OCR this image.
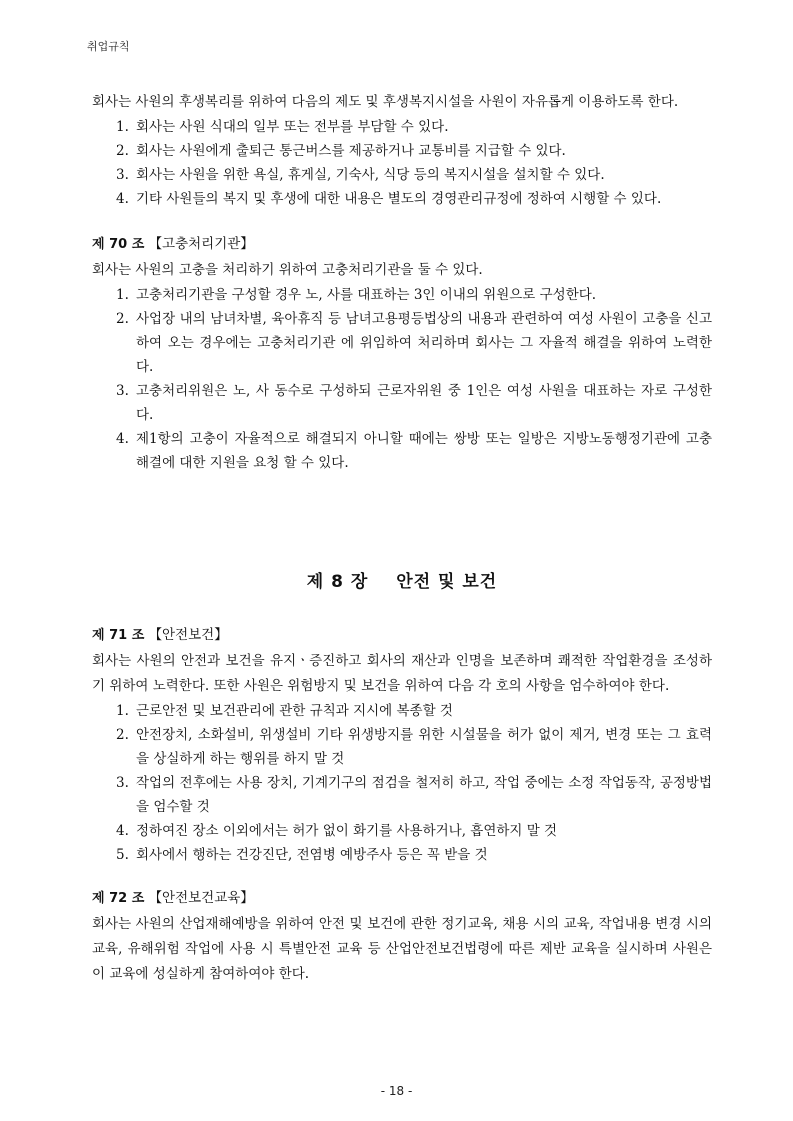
취업규칙

회사는 사원의 후생복리를 위하여 다음의 제도 및 후생복지시설을 사원이 자유롭게 이용하도록 한다.

1. 회사는 사원 식대의 일부 또는 전부를 부담할 수 있다.
2. 회사는 사원에게 출퇴근 통근버스를 제공하거나 교통비를 지급할 수 있다.
3. 회사는 사원을 위한 욕실, 휴게실, 기숙사, 식당 등의 복지시설을 설치할 수 있다.
4. 기타 사원들의 복지 및 후생에 대한 내용은 별도의 경영관리규정에 정하여 시행할 수 있다.

제 70 조 【고충처리기관】

회사는 사원의 고충을 처리하기 위하여 고충처리기관을 둘 수 있다.

1. 고충처리기관을 구성할 경우 노, 사를 대표하는 3인 이내의 위원으로 구성한다.
2. 사업장 내의 남녀차별, 육아휴직 등 남녀고용평등법상의 내용과 관련하여 여성 사원이 고충을 신고하여 오는 경우에는 고충처리기관 에 위임하여 처리하며 회사는 그 자율적 해결을 위하여 노력한다.
3. 고충처리위원은 노, 사 동수로 구성하되 근로자위원 중 1인은 여성 사원을 대표하는 자로 구성한다.
4. 제1항의 고충이 자율적으로 해결되지 아니할 때에는 쌍방 또는 일방은 지방노동행정기관에 고충 해결에 대한 지원을 요청 할 수 있다.
제 8 장 안전 및 보건

제 71 조 【안전보건】

회사는 사원의 안전과 보건을 유지ㆍ증진하고 회사의 재산과 인명을 보존하며 쾌적한 작업환경을 조성하기 위하여 노력한다. 또한 사원은 위험방지 및 보건을 위하여 다음 각 호의 사항을 엄수하여야 한다.

1. 근로안전 및 보건관리에 관한 규칙과 지시에 복종할 것
2. 안전장치, 소화설비, 위생설비 기타 위생방지를 위한 시설물을 허가 없이 제거, 변경 또는 그 효력을 상실하게 하는 행위를 하지 말 것
3. 작업의 전후에는 사용 장치, 기계기구의 점검을 철저히 하고, 작업 중에는 소정 작업동작, 공정방법을 엄수할 것
4. 정하여진 장소 이외에서는 허가 없이 화기를 사용하거나, 흡연하지 말 것
5. 회사에서 행하는 건강진단, 전염병 예방주사 등은 꼭 받을 것

제 72 조 【안전보건교육】

회사는 사원의 산업재해예방을 위하여 안전 및 보건에 관한 정기교육, 채용 시의 교육, 작업내용 변경 시의 교육, 유해위험 작업에 사용 시 특별안전 교육 등 산업안전보건법령에 따른 제반 교육을 실시하며 사원은 이 교육에 성실하게 참여하여야 한다.

- 18 -
